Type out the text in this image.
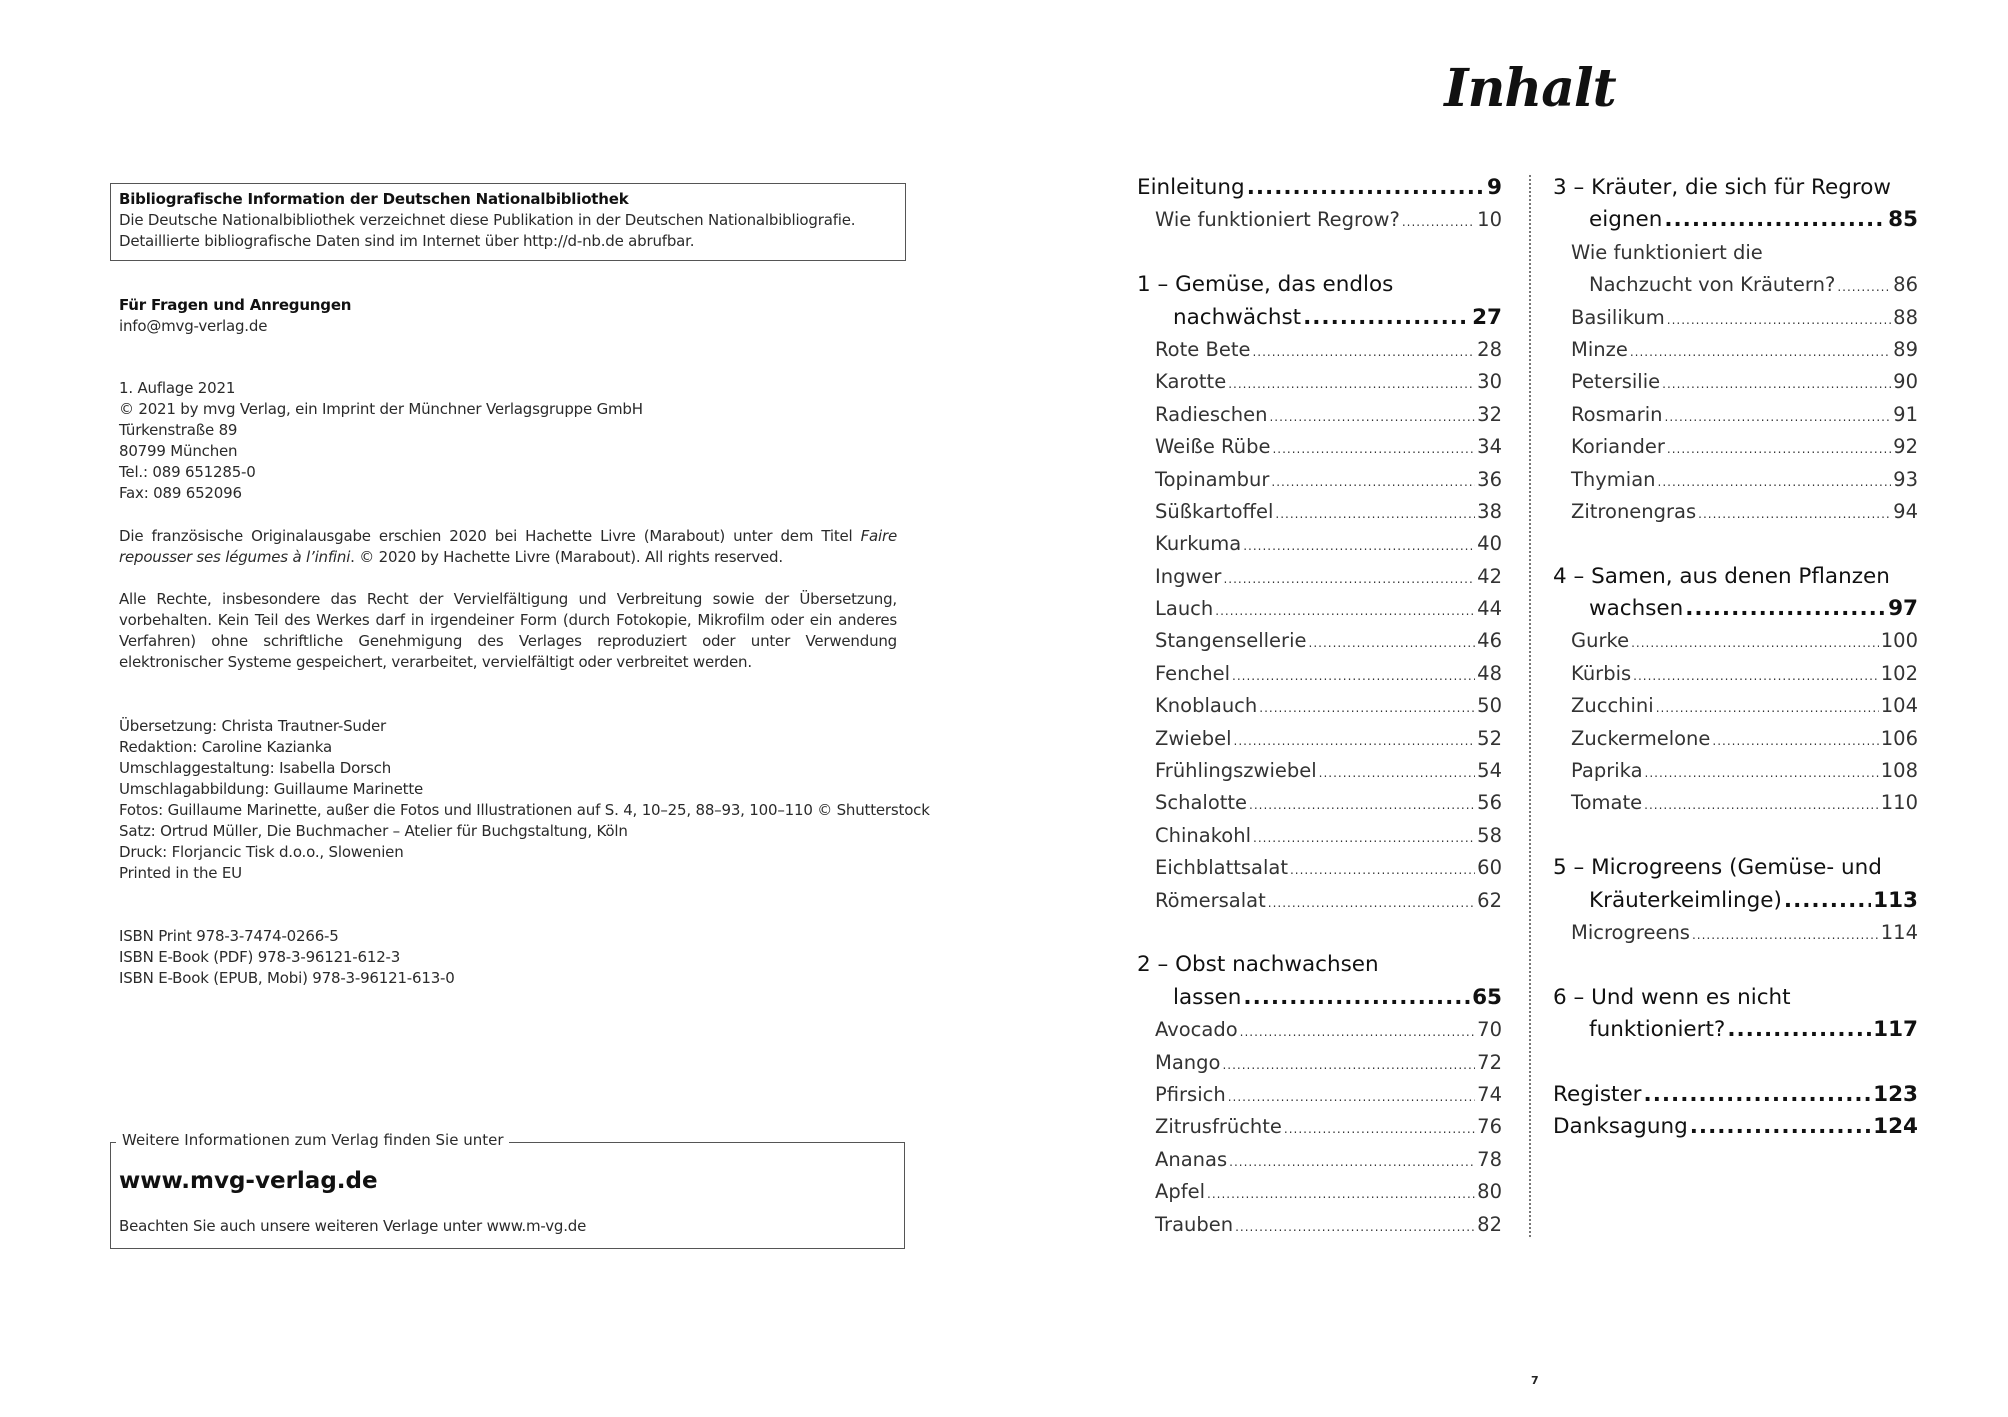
Bibliografische Information der Deutschen Nationalbibliothek

Die Deutsche Nationalbibliothek verzeichnet diese Publikation in der Deutschen Nationalbibliografie.

Detaillierte bibliografische Daten sind im Internet über http://d-nb.de abrufbar.

Für Fragen und Anregungen

info@mvg-verlag.de

1. Auflage 2021

© 2021 by mvg Verlag, ein Imprint der Münchner Verlagsgruppe GmbH

Türkenstraße 89

80799 München

Tel.: 089 651285-0

Fax: 089 652096

Die französische Originalausgabe erschien 2020 bei Hachette Livre (Marabout) unter dem Titel Faire repousser ses légumes à l’infini. © 2020 by Hachette Livre (Marabout). All rights reserved.

Alle Rechte, insbesondere das Recht der Vervielfältigung und Verbreitung sowie der Übersetzung, vorbehalten. Kein Teil des Werkes darf in irgendeiner Form (durch Fotokopie, Mikrofilm oder ein anderes Verfahren) ohne schriftliche Genehmigung des Verlages reproduziert oder unter Verwendung elektronischer Systeme gespeichert, verarbeitet, vervielfältigt oder verbreitet werden.

Übersetzung: Christa Trautner-Suder

Redaktion: Caroline Kazianka

Umschlaggestaltung: Isabella Dorsch

Umschlagabbildung: Guillaume Marinette

Fotos: Guillaume Marinette, außer die Fotos und Illustrationen auf S. 4, 10–25, 88–93, 100–110 © Shutterstock

Satz: Ortrud Müller, Die Buchmacher – Atelier für Buchgstaltung, Köln

Druck: Florjancic Tisk d.o.o., Slowenien

Printed in the EU

ISBN Print 978-3-7474-0266-5

ISBN E-Book (PDF) 978-3-96121-612-3

ISBN E-Book (EPUB, Mobi) 978-3-96121-613-0

Weitere Informationen zum Verlag finden Sie unter
www.mvg-verlag.de
Beachten Sie auch unsere weiteren Verlage unter www.m-vg.de
Inhalt
Einleitung .....	9
Wie funktioniert Regrow? .....	10
1 – Gemüse, das endlos
nachwächst .....	27
Rote Bete .....	28
Karotte .....	30
Radieschen .....	32
Weiße Rübe .....	34
Topinambur .....	36
Süßkartoffel .....	38
Kurkuma .....	40
Ingwer .....	42
Lauch .....	44
Stangensellerie .....	46
Fenchel .....	48
Knoblauch .....	50
Zwiebel .....	52
Frühlingszwiebel .....	54
Schalotte .....	56
Chinakohl .....	58
Eichblattsalat .....	60
Römersalat .....	62
2 – Obst nachwachsen
lassen .....	65
Avocado .....	70
Mango .....	72
Pfirsich .....	74
Zitrusfrüchte .....	76
Ananas .....	78
Apfel .....	80
Trauben .....	82
3 – Kräuter, die sich für Regrow
eignen .....	85
Wie funktioniert die
Nachzucht von Kräutern? .....	86
Basilikum .....	88
Minze .....	89
Petersilie .....	90
Rosmarin .....	91
Koriander .....	92
Thymian .....	93
Zitronengras .....	94
4 – Samen, aus denen Pflanzen
wachsen .....	97
Gurke .....	100
Kürbis .....	102
Zucchini .....	104
Zuckermelone .....	106
Paprika .....	108
Tomate .....	110
5 – Microgreens (Gemüse- und
Kräuterkeimlinge) .....	113
Microgreens .....	114
6 – Und wenn es nicht
funktioniert? .....	117
Register .....	123
Danksagung .....	124
7
